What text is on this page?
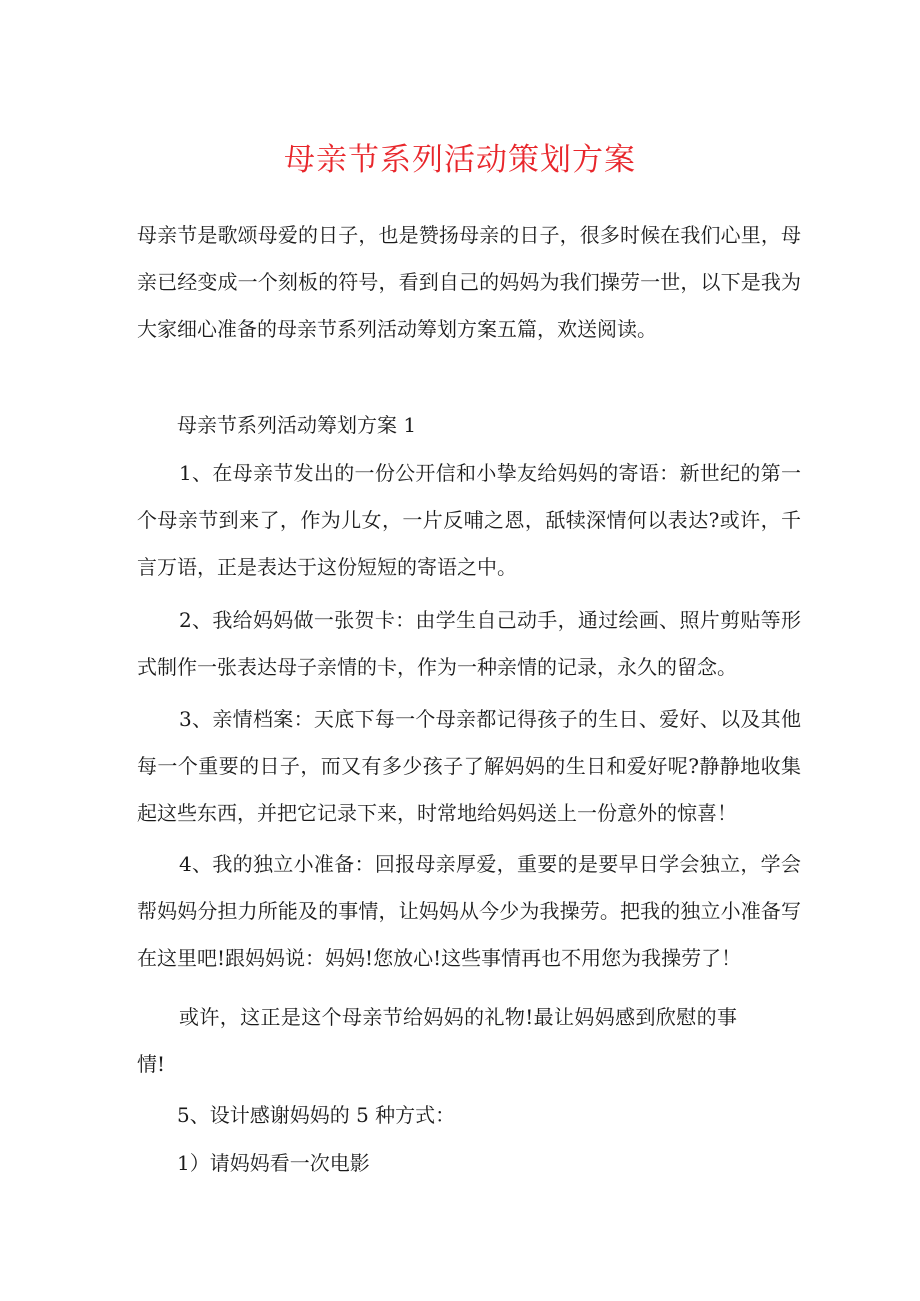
母亲节系列活动策划方案
母亲节是歌颂母爱的日子，也是赞扬母亲的日子，很多时候在我们心里，母亲已经变成一个刻板的符号，看到自己的妈妈为我们操劳一世，以下是我为大家细心准备的母亲节系列活动筹划方案五篇，欢送阅读。
母亲节系列活动筹划方案 1
1、在母亲节发出的一份公开信和小挚友给妈妈的寄语：新世纪的第一个母亲节到来了，作为儿女，一片反哺之恩，舐犊深情何以表达?或许，千言万语，正是表达于这份短短的寄语之中。
2、我给妈妈做一张贺卡：由学生自己动手，通过绘画、照片剪贴等形式制作一张表达母子亲情的卡，作为一种亲情的记录，永久的留念。
3、亲情档案：天底下每一个母亲都记得孩子的生日、爱好、以及其他每一个重要的日子，而又有多少孩子了解妈妈的生日和爱好呢?静静地收集起这些东西，并把它记录下来，时常地给妈妈送上一份意外的惊喜！
4、我的独立小准备：回报母亲厚爱，重要的是要早日学会独立，学会帮妈妈分担力所能及的事情，让妈妈从今少为我操劳。把我的独立小准备写在这里吧!跟妈妈说：妈妈!您放心!这些事情再也不用您为我操劳了！
或许，这正是这个母亲节给妈妈的礼物!最让妈妈感到欣慰的事情!
5、设计感谢妈妈的 5 种方式：
1）请妈妈看一次电影
